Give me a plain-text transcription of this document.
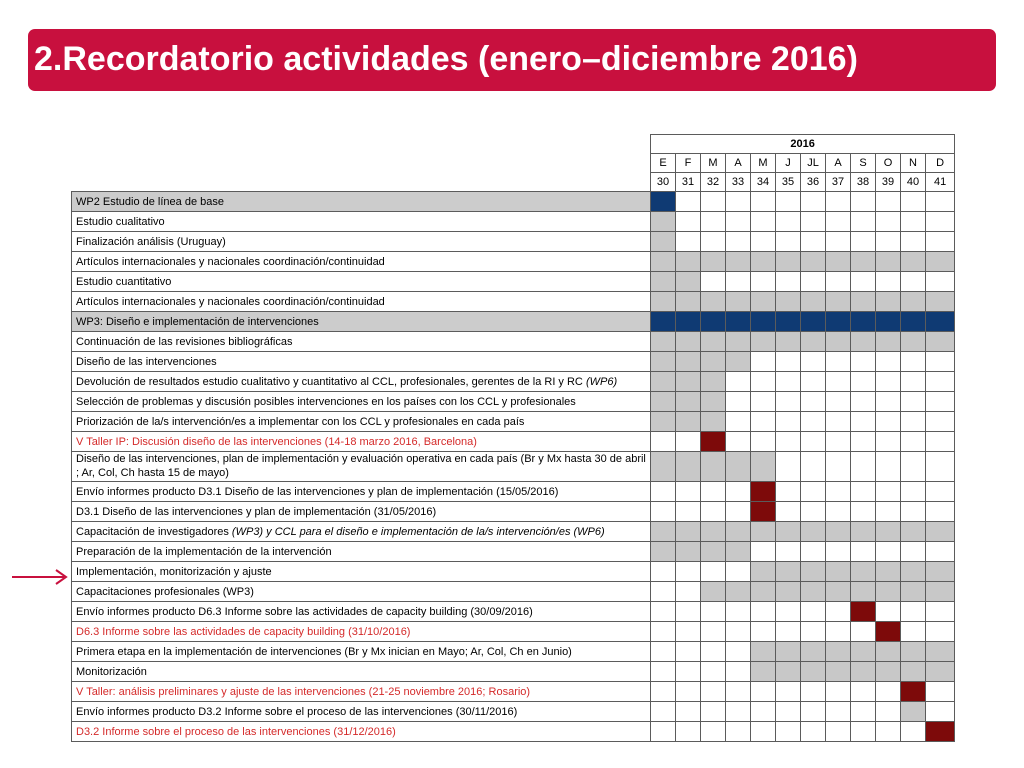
2.Recordatorio actividades (enero–diciembre 2016)
	2016											
	E	F	M	A	M	J	JL	A	S	O	N	D
	30	31	32	33	34	35	36	37	38	39	40	41
WP2 Estudio de línea de base												
Estudio cualitativo												
Finalización análisis (Uruguay)												
Artículos internacionales y nacionales coordinación/continuidad												
Estudio cuantitativo												
Artículos internacionales y nacionales coordinación/continuidad												
WP3: Diseño e implementación de intervenciones												
Continuación de las revisiones bibliográficas												
Diseño de las intervenciones												
Devolución de resultados estudio cualitativo y cuantitativo al CCL, profesionales, gerentes de la RI y RC (WP6)												
Selección de problemas y discusión posibles intervenciones en los países con los CCL y profesionales												
Priorización de la/s intervención/es a implementar con los CCL y profesionales en cada país												
V Taller IP: Discusión diseño de las intervenciones (14-18 marzo 2016, Barcelona)												
Diseño de las intervenciones, plan de implementación y evaluación operativa en cada país (Br y Mx hasta 30 de abril ; Ar, Col, Ch hasta 15 de mayo)												
Envío informes producto D3.1 Diseño de las intervenciones y plan de implementación (15/05/2016)												
D3.1 Diseño de las intervenciones y plan de implementación (31/05/2016)												
Capacitación de investigadores (WP3) y CCL para el diseño e implementación de la/s intervención/es (WP6)												
Preparación de la implementación de la intervención												
Implementación, monitorización y ajuste												
Capacitaciones profesionales (WP3)												
Envío informes producto D6.3 Informe sobre las actividades de capacity building (30/09/2016)												
D6.3 Informe sobre las actividades de capacity building (31/10/2016)												
Primera etapa en la implementación de intervenciones (Br y Mx inician en Mayo; Ar, Col, Ch en Junio)												
Monitorización												
V Taller: análisis preliminares y ajuste de las intervenciones (21-25 noviembre 2016; Rosario)												
Envío informes producto D3.2 Informe sobre el proceso de las intervenciones (30/11/2016)												
D3.2 Informe sobre el proceso de las intervenciones (31/12/2016)												
